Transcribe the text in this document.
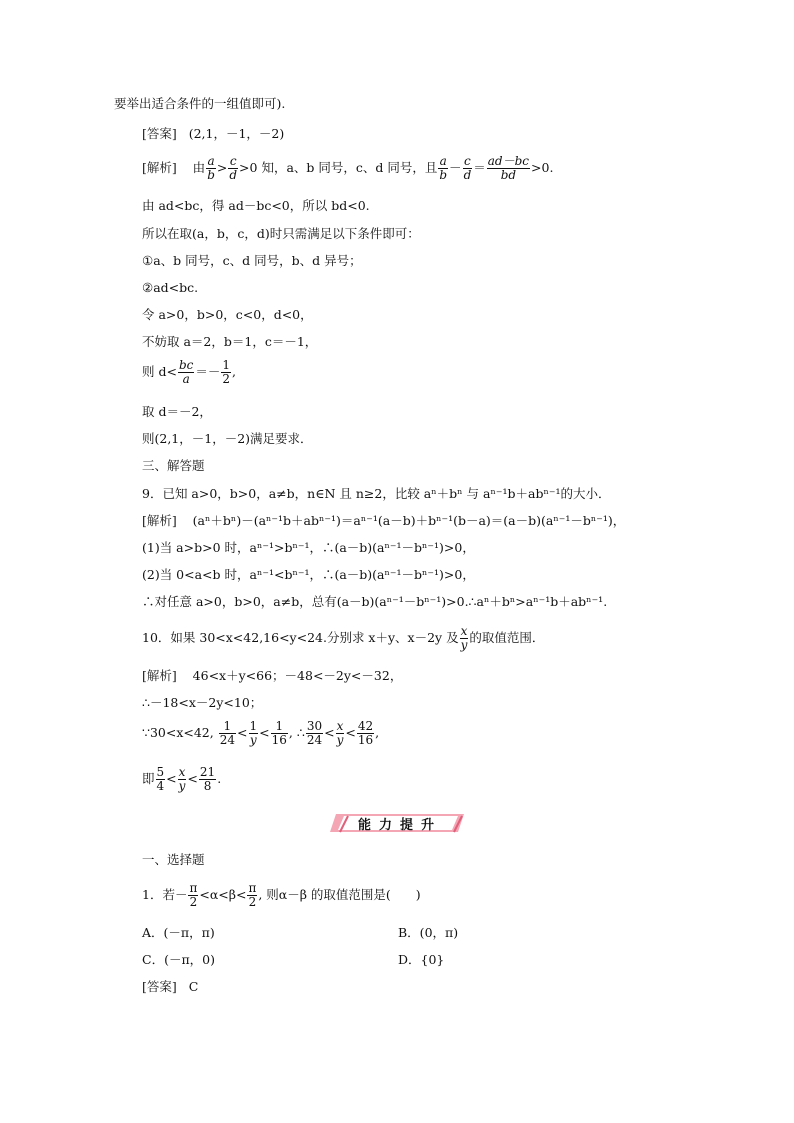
要举出适合条件的一组值即可).
[答案] (2,1，－1，－2)
[解析] 由 $\frac{a}{b} > \frac{c}{d} >0$ 知，a、b 同号，c、d 同号，且 $\frac{a}{b} - \frac{c}{d} = \frac{ad-bc}{bd} >0$.
由 ad<bc，得 ad－bc<0，所以 bd<0.
所以在取(a，b，c，d)时只需满足以下条件即可：
①a、b 同号，c、d 同号，b、d 异号；
②ad<bc.
令 a>0，b>0，c<0，d<0，
不妨取 a＝2，b＝1，c＝－1，
则 $d< \frac{bc}{a} =- \frac{1}{2}$ ,
取 d＝－2，
则(2,1，－1，－2)满足要求．
三、解答题
9．已知 a>0，b>0，a≠b，n∈N 且 n≥2，比较 aⁿ＋bⁿ 与 aⁿ⁻¹b＋abⁿ⁻¹的大小．
[解析] (aⁿ＋bⁿ)－(aⁿ⁻¹b＋abⁿ⁻¹)＝aⁿ⁻¹(a－b)＋bⁿ⁻¹(b－a)＝(a－b)(aⁿ⁻¹－bⁿ⁻¹)，
(1)当 a>b>0 时，aⁿ⁻¹>bⁿ⁻¹，∴(a－b)(aⁿ⁻¹－bⁿ⁻¹)>0，
(2)当 0<a<b 时，aⁿ⁻¹<bⁿ⁻¹，∴(a－b)(aⁿ⁻¹－bⁿ⁻¹)>0，
∴对任意 a>0，b>0，a≠b，总有(a－b)(aⁿ⁻¹－bⁿ⁻¹)>0.∴aⁿ＋bⁿ>aⁿ⁻¹b＋abⁿ⁻¹.
10．如果 30<x<42,16<y<24.分别求 x＋y、x－2y 及 $\frac{x}{y}$ 的取值范围．
[解析] 46<x＋y<66；－48<－2y<－32，
∴－18<x－2y<10；
∵30<x<42, $\frac{1}{24} < \frac{1}{y} < \frac{1}{16}$ , ∴ $\frac{30}{24} < \frac{x}{y} < \frac{42}{16}$ ,
即 $\frac{5}{4} < \frac{x}{y} < \frac{21}{8}$ .
能力提升
一、选择题
1．若－ $\frac{\pi}{2} <\alpha<\beta< \frac{\pi}{2}$ , 则α－β 的取值范围是(　　)
A．(－π，π)	B．(0，π)
C．(－π，0)	D．{0}
[答案] C
